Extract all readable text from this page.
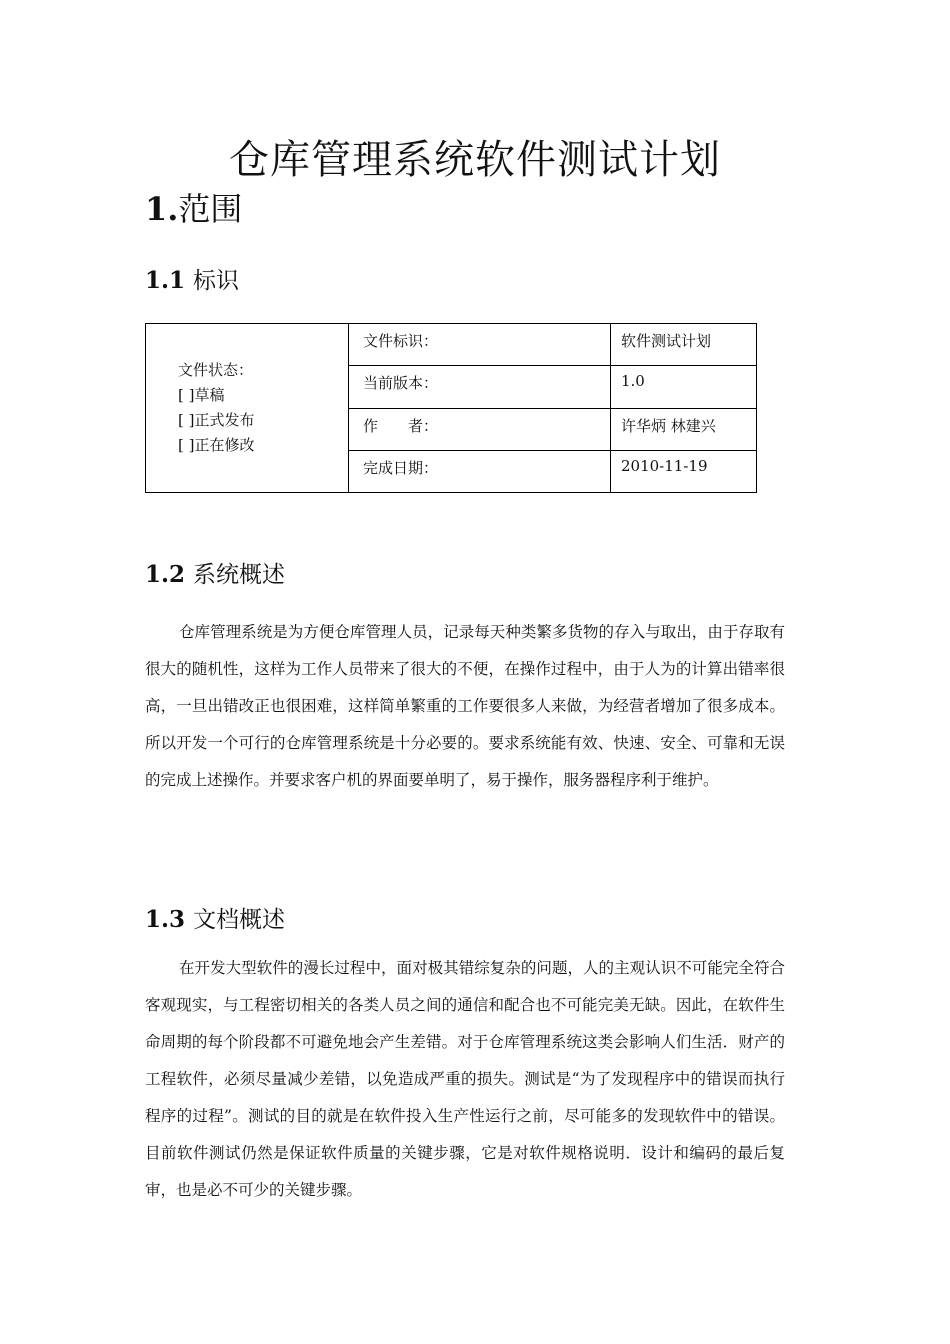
仓库管理系统软件测试计划
1.范围
1.1 标识
文件状态：
[ ]草稿
[ ]正式发布
[ ]正在修改	文件标识：	软件测试计划
	当前版本：	1.0
	作　　者：	许华炳 林建兴
	完成日期：	2010-11-19
1.2 系统概述

仓库管理系统是为方便仓库管理人员，记录每天种类繁多货物的存入与取出，由于存取有很大的随机性，这样为工作人员带来了很大的不便，在操作过程中，由于人为的计算出错率很高，一旦出错改正也很困难，这样简单繁重的工作要很多人来做，为经营者增加了很多成本。所以开发一个可行的仓库管理系统是十分必要的。要求系统能有效、快速、安全、可靠和无误的完成上述操作。并要求客户机的界面要单明了，易于操作，服务器程序利于维护。

1.3 文档概述

在开发大型软件的漫长过程中，面对极其错综复杂的问题，人的主观认识不可能完全符合客观现实，与工程密切相关的各类人员之间的通信和配合也不可能完美无缺。因此，在软件生命周期的每个阶段都不可避免地会产生差错。对于仓库管理系统这类会影响人们生活．财产的工程软件，必须尽量减少差错，以免造成严重的损失。测试是“为了发现程序中的错误而执行程序的过程”。测试的目的就是在软件投入生产性运行之前，尽可能多的发现软件中的错误。目前软件测试仍然是保证软件质量的关键步骤，它是对软件规格说明．设计和编码的最后复审，也是必不可少的关键步骤。
